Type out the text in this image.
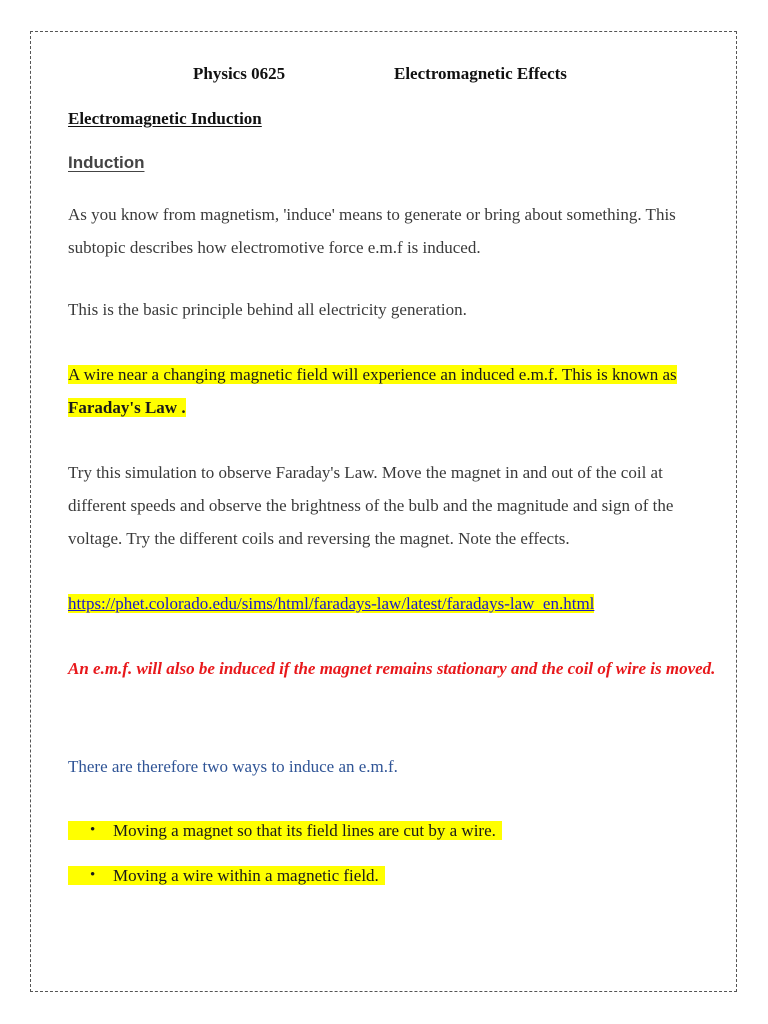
Physics 0625	Electromagnetic Effects
Electromagnetic Induction
Induction

As you know from magnetism, 'induce' means to generate or bring about something. This subtopic describes how electromotive force e.m.f is induced.

This is the basic principle behind all electricity generation.

A wire near a changing magnetic field will experience an induced e.m.f. This is known as Faraday's Law .

Try this simulation to observe Faraday's Law. Move the magnet in and out of the coil at different speeds and observe the brightness of the bulb and the magnitude and sign of the voltage. Try the different coils and reversing the magnet. Note the effects.

https://phet.colorado.edu/sims/html/faradays-law/latest/faradays-law_en.html

An e.m.f. will also be induced if the magnet remains stationary and the coil of wire is moved.

There are therefore two ways to induce an e.m.f.

• Moving a magnet so that its field lines are cut by a wire.
• Moving a wire within a magnetic field.
